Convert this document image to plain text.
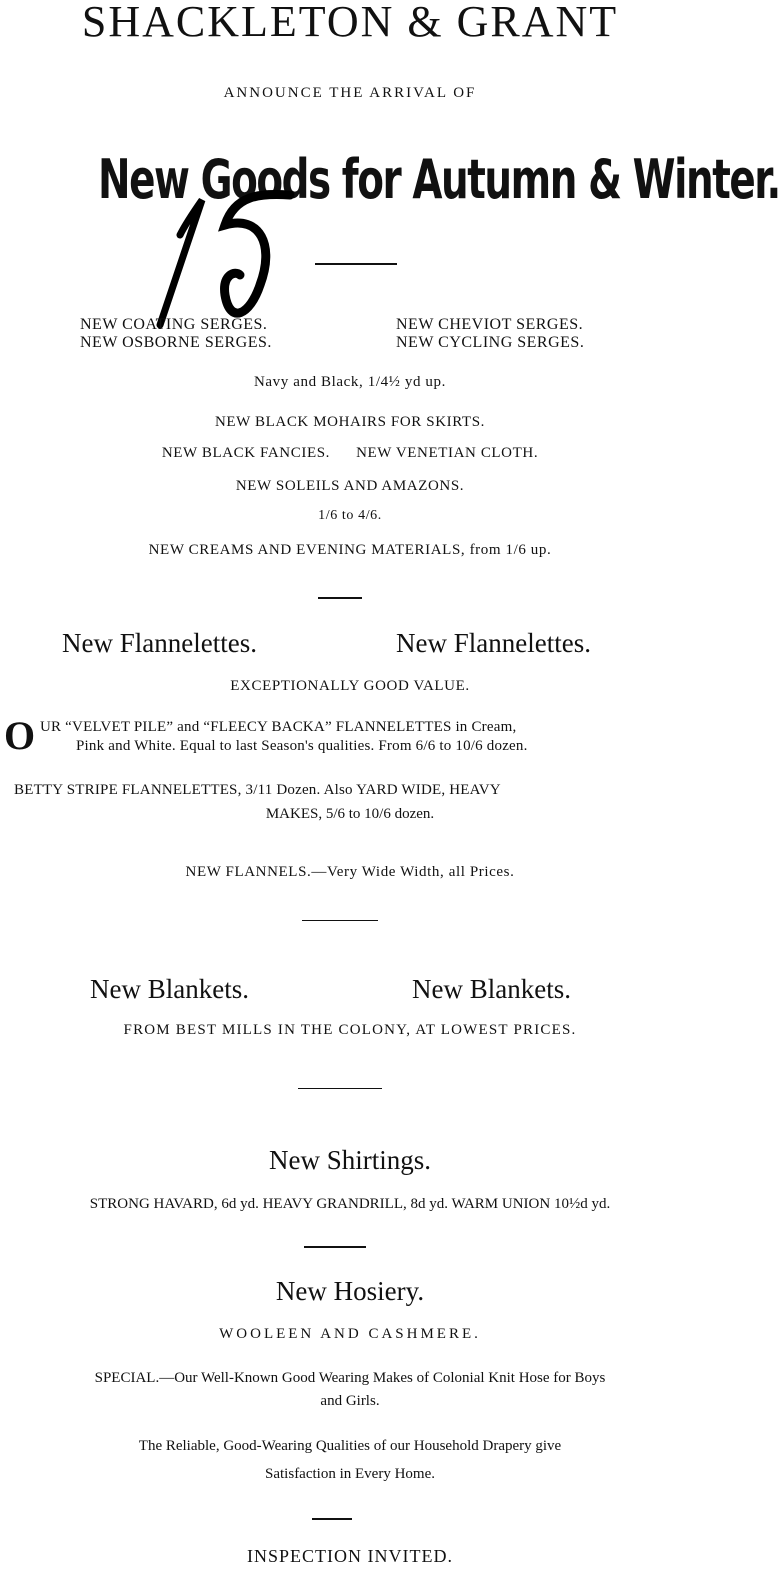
SHACKLETON & GRANT
ANNOUNCE THE ARRIVAL OF
New Goods for Autumn & Winter.
NEW COATING SERGES.
NEW OSBORNE SERGES.
NEW CHEVIOT SERGES.
NEW CYCLING SERGES.
Navy and Black, 1/4½ yd up.
NEW BLACK MOHAIRS FOR SKIRTS.
NEW BLACK FANCIES.      NEW VENETIAN CLOTH.
NEW SOLEILS AND AMAZONS.
1/6 to 4/6.
NEW CREAMS AND EVENING MATERIALS, from 1/6 up.
New Flannelettes.	New Flannelettes.
EXCEPTIONALLY GOOD VALUE.
O UR “VELVET PILE” and “FLEECY BACKA” FLANNELETTES in Cream,
Pink and White. Equal to last Season's qualities. From 6/6 to 10/6 dozen.
BETTY STRIPE FLANNELETTES, 3/11 Dozen. Also YARD WIDE, HEAVY
MAKES, 5/6 to 10/6 dozen.
NEW FLANNELS.—Very Wide Width, all Prices.
New Blankets.	New Blankets.
FROM BEST MILLS IN THE COLONY, AT LOWEST PRICES.
New Shirtings.
STRONG HAVARD, 6d yd. HEAVY GRANDRILL, 8d yd. WARM UNION 10½d yd.
New Hosiery.
WOOLEEN AND CASHMERE.
SPECIAL.—Our Well-Known Good Wearing Makes of Colonial Knit Hose for Boys
and Girls.
The Reliable, Good-Wearing Qualities of our Household Drapery give
Satisfaction in Every Home.
INSPECTION INVITED.
